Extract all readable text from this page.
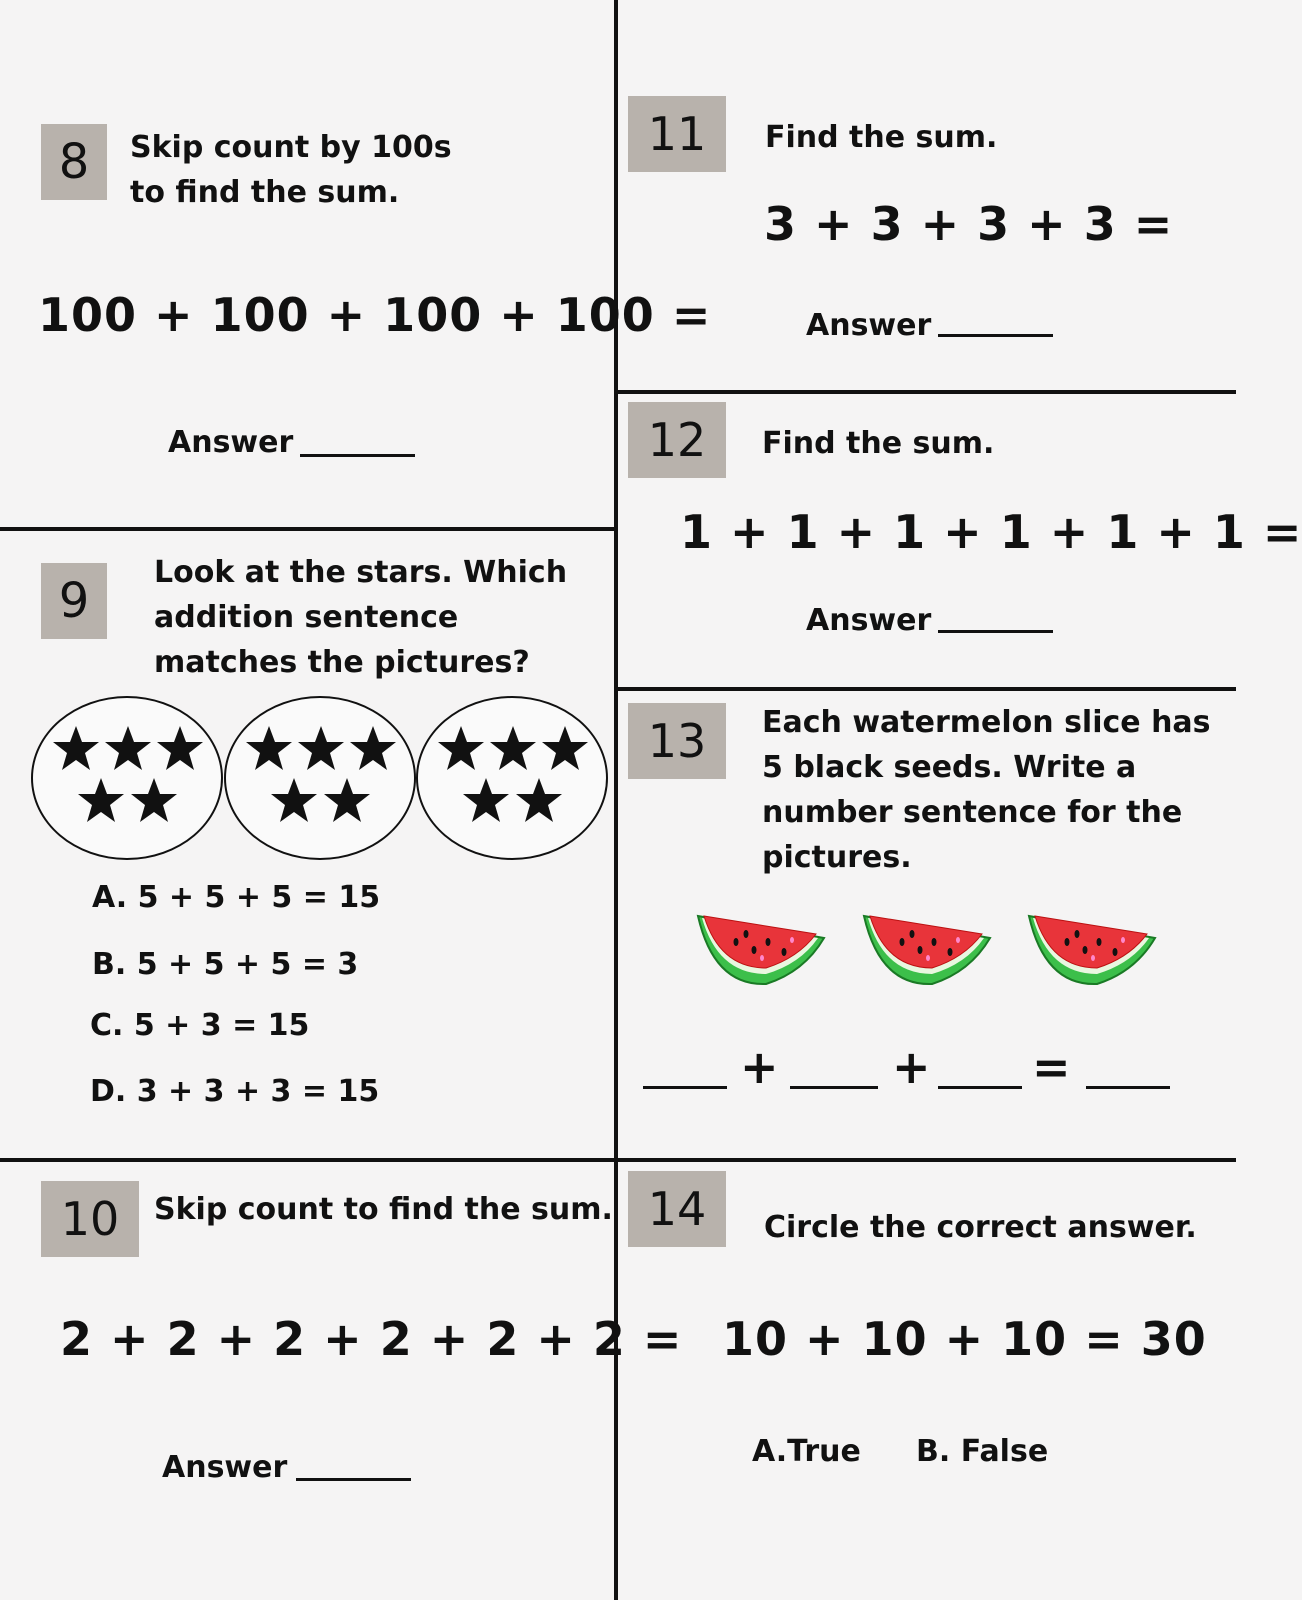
8	Skip count by 100s
to find the sum.
100 + 100 + 100 + 100 =
Answer
9
Look at the stars. Which
addition sentence
matches the pictures?
A. 5 + 5 + 5 = 15
B. 5 + 5 + 5 = 3
C. 5 + 3 = 15
D. 3 + 3 + 3 = 15
10	Skip count to find the sum.
2 + 2 + 2 + 2 + 2 + 2 =
Answer
11	Find the sum.
3 + 3 + 3 + 3 =
Answer
12	Find the sum.
1 + 1 + 1 + 1 + 1 + 1 =
Answer
13	Each watermelon slice has
5 black seeds. Write a
number sentence for the
pictures.
+ + =
14	Circle the correct answer.
10 + 10 + 10 = 30
A.True B. False
